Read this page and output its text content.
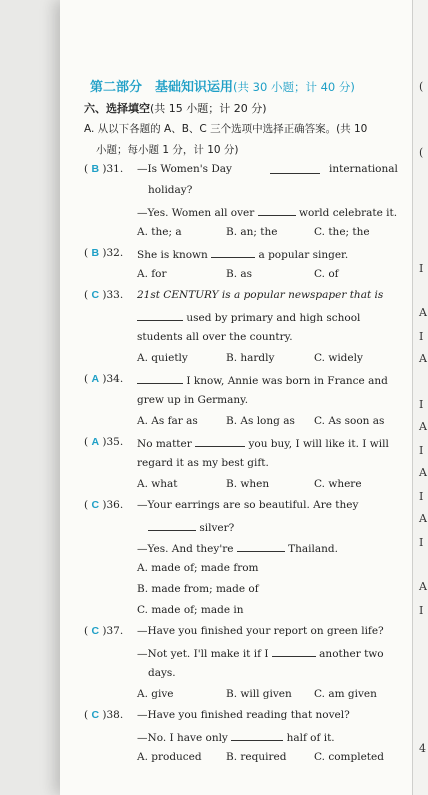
(
(
I
A
I
A
I
A
I
A
I
A
I
A
I
4
第二部分　基础知识运用(共 30 小题；计 40 分)
六、选择填空(共 15 小题；计 20 分)
A. 从以下各题的 A、B、C 三个选项中选择正确答案。(共 10
小题；每小题 1 分，计 10 分)
( B )31. —Is Women's Day	international
holiday?
—Yes. Women all over	world celebrate it.
A. the; a	B. an; the	C. the; the
( B )32. She is known	a popular singer.
A. for	B. as	C. of
( C )33. 21st CENTURY is a popular newspaper that is
used by primary and high school
students all over the country.
A. quietly	B. hardly	C. widely
( A )34.	I know, Annie was born in France and
grew up in Germany.
A. As far as	B. As long as C. As soon as
( A )35. No matter	you buy, I will like it. I will
regard it as my best gift.
A. what	B. when	C. where
( C )36. —Your earrings are so beautiful. Are they
silver?
—Yes. And they're	Thailand.
A. made of; made from
B. made from; made of
C. made of; made in
( C )37. —Have you finished your report on green life?
—Not yet. I'll make it if I	another two
days.
A. give	B. will given C. am given
( C )38. —Have you finished reading that novel?
—No. I have only	half of it.
A. produced B. required	C. completed
